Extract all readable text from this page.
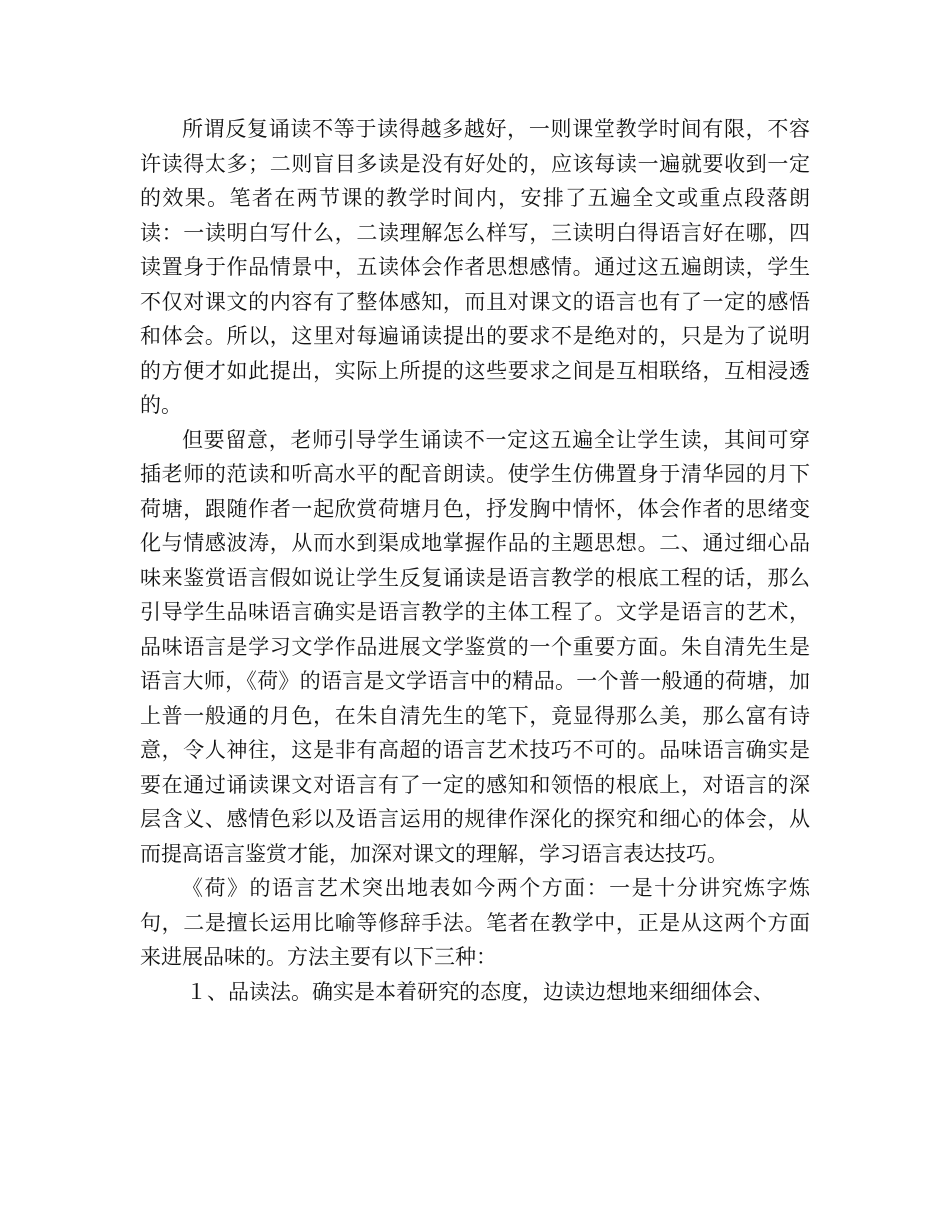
所谓反复诵读不等于读得越多越好，一则课堂教学时间有限，不容许读得太多；二则盲目多读是没有好处的，应该每读一遍就要收到一定的效果。笔者在两节课的教学时间内，安排了五遍全文或重点段落朗读：一读明白写什么，二读理解怎么样写，三读明白得语言好在哪，四读置身于作品情景中，五读体会作者思想感情。通过这五遍朗读，学生不仅对课文的内容有了整体感知，而且对课文的语言也有了一定的感悟和体会。所以，这里对每遍诵读提出的要求不是绝对的，只是为了说明的方便才如此提出，实际上所提的这些要求之间是互相联络，互相浸透的。

但要留意，老师引导学生诵读不一定这五遍全让学生读，其间可穿插老师的范读和听高水平的配音朗读。使学生仿佛置身于清华园的月下荷塘，跟随作者一起欣赏荷塘月色，抒发胸中情怀，体会作者的思绪变化与情感波涛，从而水到渠成地掌握作品的主题思想。二、通过细心品味来鉴赏语言假如说让学生反复诵读是语言教学的根底工程的话，那么引导学生品味语言确实是语言教学的主体工程了。文学是语言的艺术，品味语言是学习文学作品进展文学鉴赏的一个重要方面。朱自清先生是语言大师，《荷》的语言是文学语言中的精品。一个普一般通的荷塘，加上普一般通的月色，在朱自清先生的笔下，竟显得那么美，那么富有诗意，令人神往，这是非有高超的语言艺术技巧不可的。品味语言确实是要在通过诵读课文对语言有了一定的感知和领悟的根底上，对语言的深层含义、感情色彩以及语言运用的规律作深化的探究和细心的体会，从而提高语言鉴赏才能，加深对课文的理解，学习语言表达技巧。

《荷》的语言艺术突出地表如今两个方面：一是十分讲究炼字炼句，二是擅长运用比喻等修辞手法。笔者在教学中，正是从这两个方面来进展品味的。方法主要有以下三种：

１、品读法。确实是本着研究的态度，边读边想地来细细体会、
